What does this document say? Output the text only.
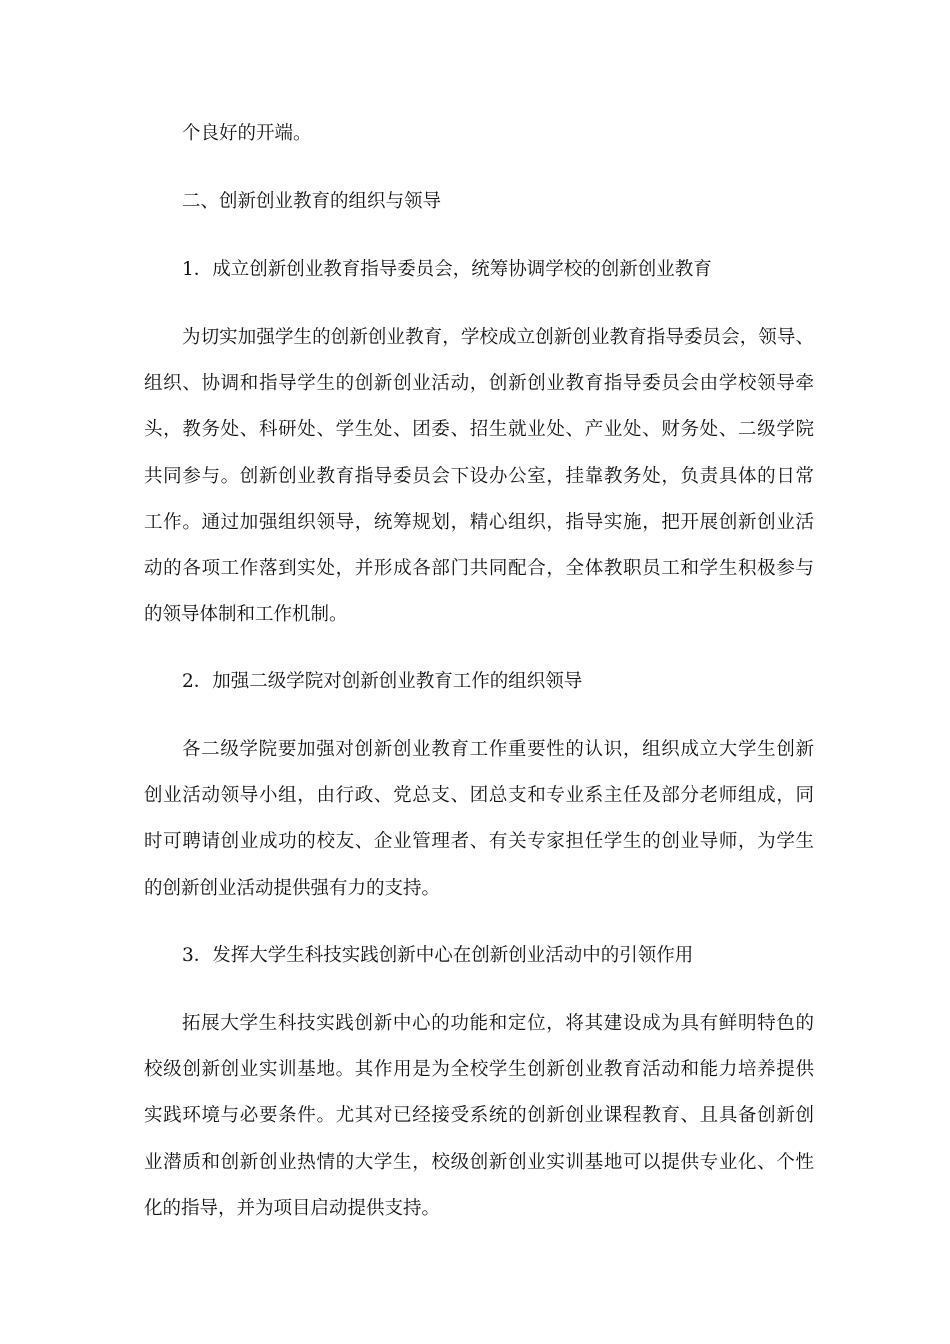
个良好的开端。
二、创新创业教育的组织与领导
1．成立创新创业教育指导委员会，统筹协调学校的创新创业教育
为切实加强学生的创新创业教育，学校成立创新创业教育指导委员会，领导、
组织、协调和指导学生的创新创业活动，创新创业教育指导委员会由学校领导牵
头，教务处、科研处、学生处、团委、招生就业处、产业处、财务处、二级学院
共同参与。创新创业教育指导委员会下设办公室，挂靠教务处，负责具体的日常
工作。通过加强组织领导，统筹规划，精心组织，指导实施，把开展创新创业活
动的各项工作落到实处，并形成各部门共同配合，全体教职员工和学生积极参与
的领导体制和工作机制。
2．加强二级学院对创新创业教育工作的组织领导
各二级学院要加强对创新创业教育工作重要性的认识，组织成立大学生创新
创业活动领导小组，由行政、党总支、团总支和专业系主任及部分老师组成，同
时可聘请创业成功的校友、企业管理者、有关专家担任学生的创业导师，为学生
的创新创业活动提供强有力的支持。
3．发挥大学生科技实践创新中心在创新创业活动中的引领作用
拓展大学生科技实践创新中心的功能和定位，将其建设成为具有鲜明特色的
校级创新创业实训基地。其作用是为全校学生创新创业教育活动和能力培养提供
实践环境与必要条件。尤其对已经接受系统的创新创业课程教育、且具备创新创
业潜质和创新创业热情的大学生，校级创新创业实训基地可以提供专业化、个性
化的指导，并为项目启动提供支持。
